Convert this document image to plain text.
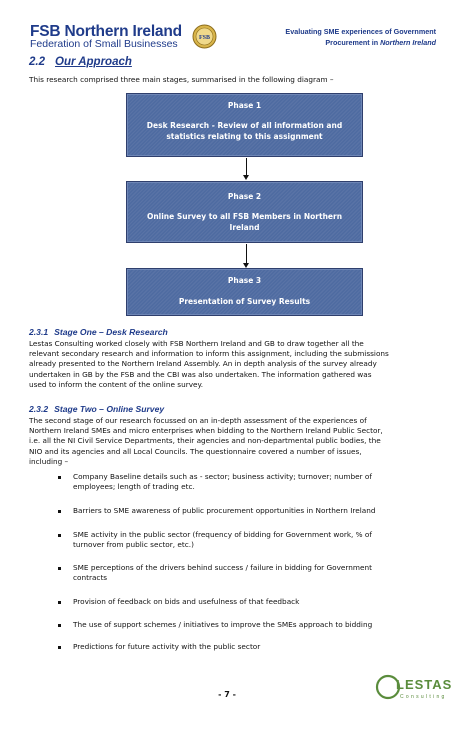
FSB Northern Ireland
Federation of Small Businesses
FSB
Evaluating SME experiences of Government
Procurement in Northern Ireland
2.2 Our Approach

This research comprised three main stages, summarised in the following diagram –

Phase 1
Desk Research - Review of all information and statistics relating to this assignment
Phase 2
Online Survey to all FSB Members in Northern Ireland
Phase 3
Presentation of Survey Results
2.3.1 Stage One – Desk Research
Lestas Consulting worked closely with FSB Northern Ireland and GB to draw together all the
relevant secondary research and information to inform this assignment, including the submissions
already presented to the Northern Ireland Assembly. An in depth analysis of the survey already
undertaken in GB by the FSB and the CBI was also undertaken. The information gathered was
used to inform the content of the online survey.
2.3.2 Stage Two – Online Survey
The second stage of our research focussed on an in-depth assessment of the experiences of
Northern Ireland SMEs and micro enterprises when bidding to the Northern Ireland Public Sector,
i.e. all the NI Civil Service Departments, their agencies and non-departmental public bodies, the
NIO and its agencies and all Local Councils. The questionnaire covered a number of issues,
including –
Company Baseline details such as - sector; business activity; turnover; number of
employees; length of trading etc.
Barriers to SME awareness of public procurement opportunities in Northern Ireland
SME activity in the public sector (frequency of bidding for Government work, % of
turnover from public sector, etc.)
SME perceptions of the drivers behind success / failure in bidding for Government
contracts
Provision of feedback on bids and usefulness of that feedback
The use of support schemes / initiatives to improve the SMEs approach to bidding
Predictions for future activity with the public sector
- 7 -
LESTAS
Consulting
